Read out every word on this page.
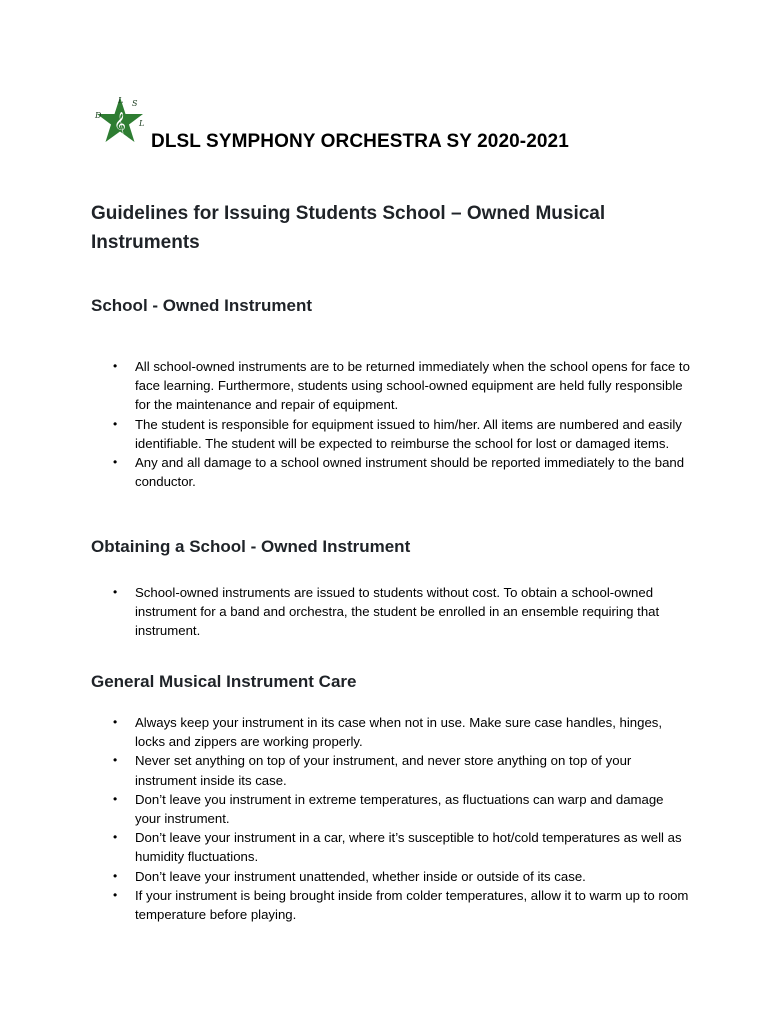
𝄞
D
L S
L
DLSL SYMPHONY ORCHESTRA SY 2020-2021
Guidelines for Issuing Students School – Owned Musical Instruments
School - Owned Instrument
• All school-owned instruments are to be returned immediately when the school opens for face to face learning. Furthermore, students using school-owned equipment are held fully responsible for the maintenance and repair of equipment.
• The student is responsible for equipment issued to him/her. All items are numbered and easily identifiable. The student will be expected to reimburse the school for lost or damaged items.
• Any and all damage to a school owned instrument should be reported immediately to the band conductor.
Obtaining a School - Owned Instrument
• School-owned instruments are issued to students without cost. To obtain a school-owned instrument for a band and orchestra, the student be enrolled in an ensemble requiring that instrument.
General Musical Instrument Care
• Always keep your instrument in its case when not in use. Make sure case handles, hinges, locks and zippers are working properly.
• Never set anything on top of your instrument, and never store anything on top of your instrument inside its case.
• Don’t leave you instrument in extreme temperatures, as fluctuations can warp and damage your instrument.
• Don’t leave your instrument in a car, where it’s susceptible to hot/cold temperatures as well as humidity fluctuations.
• Don’t leave your instrument unattended, whether inside or outside of its case.
• If your instrument is being brought inside from colder temperatures, allow it to warm up to room temperature before playing.
